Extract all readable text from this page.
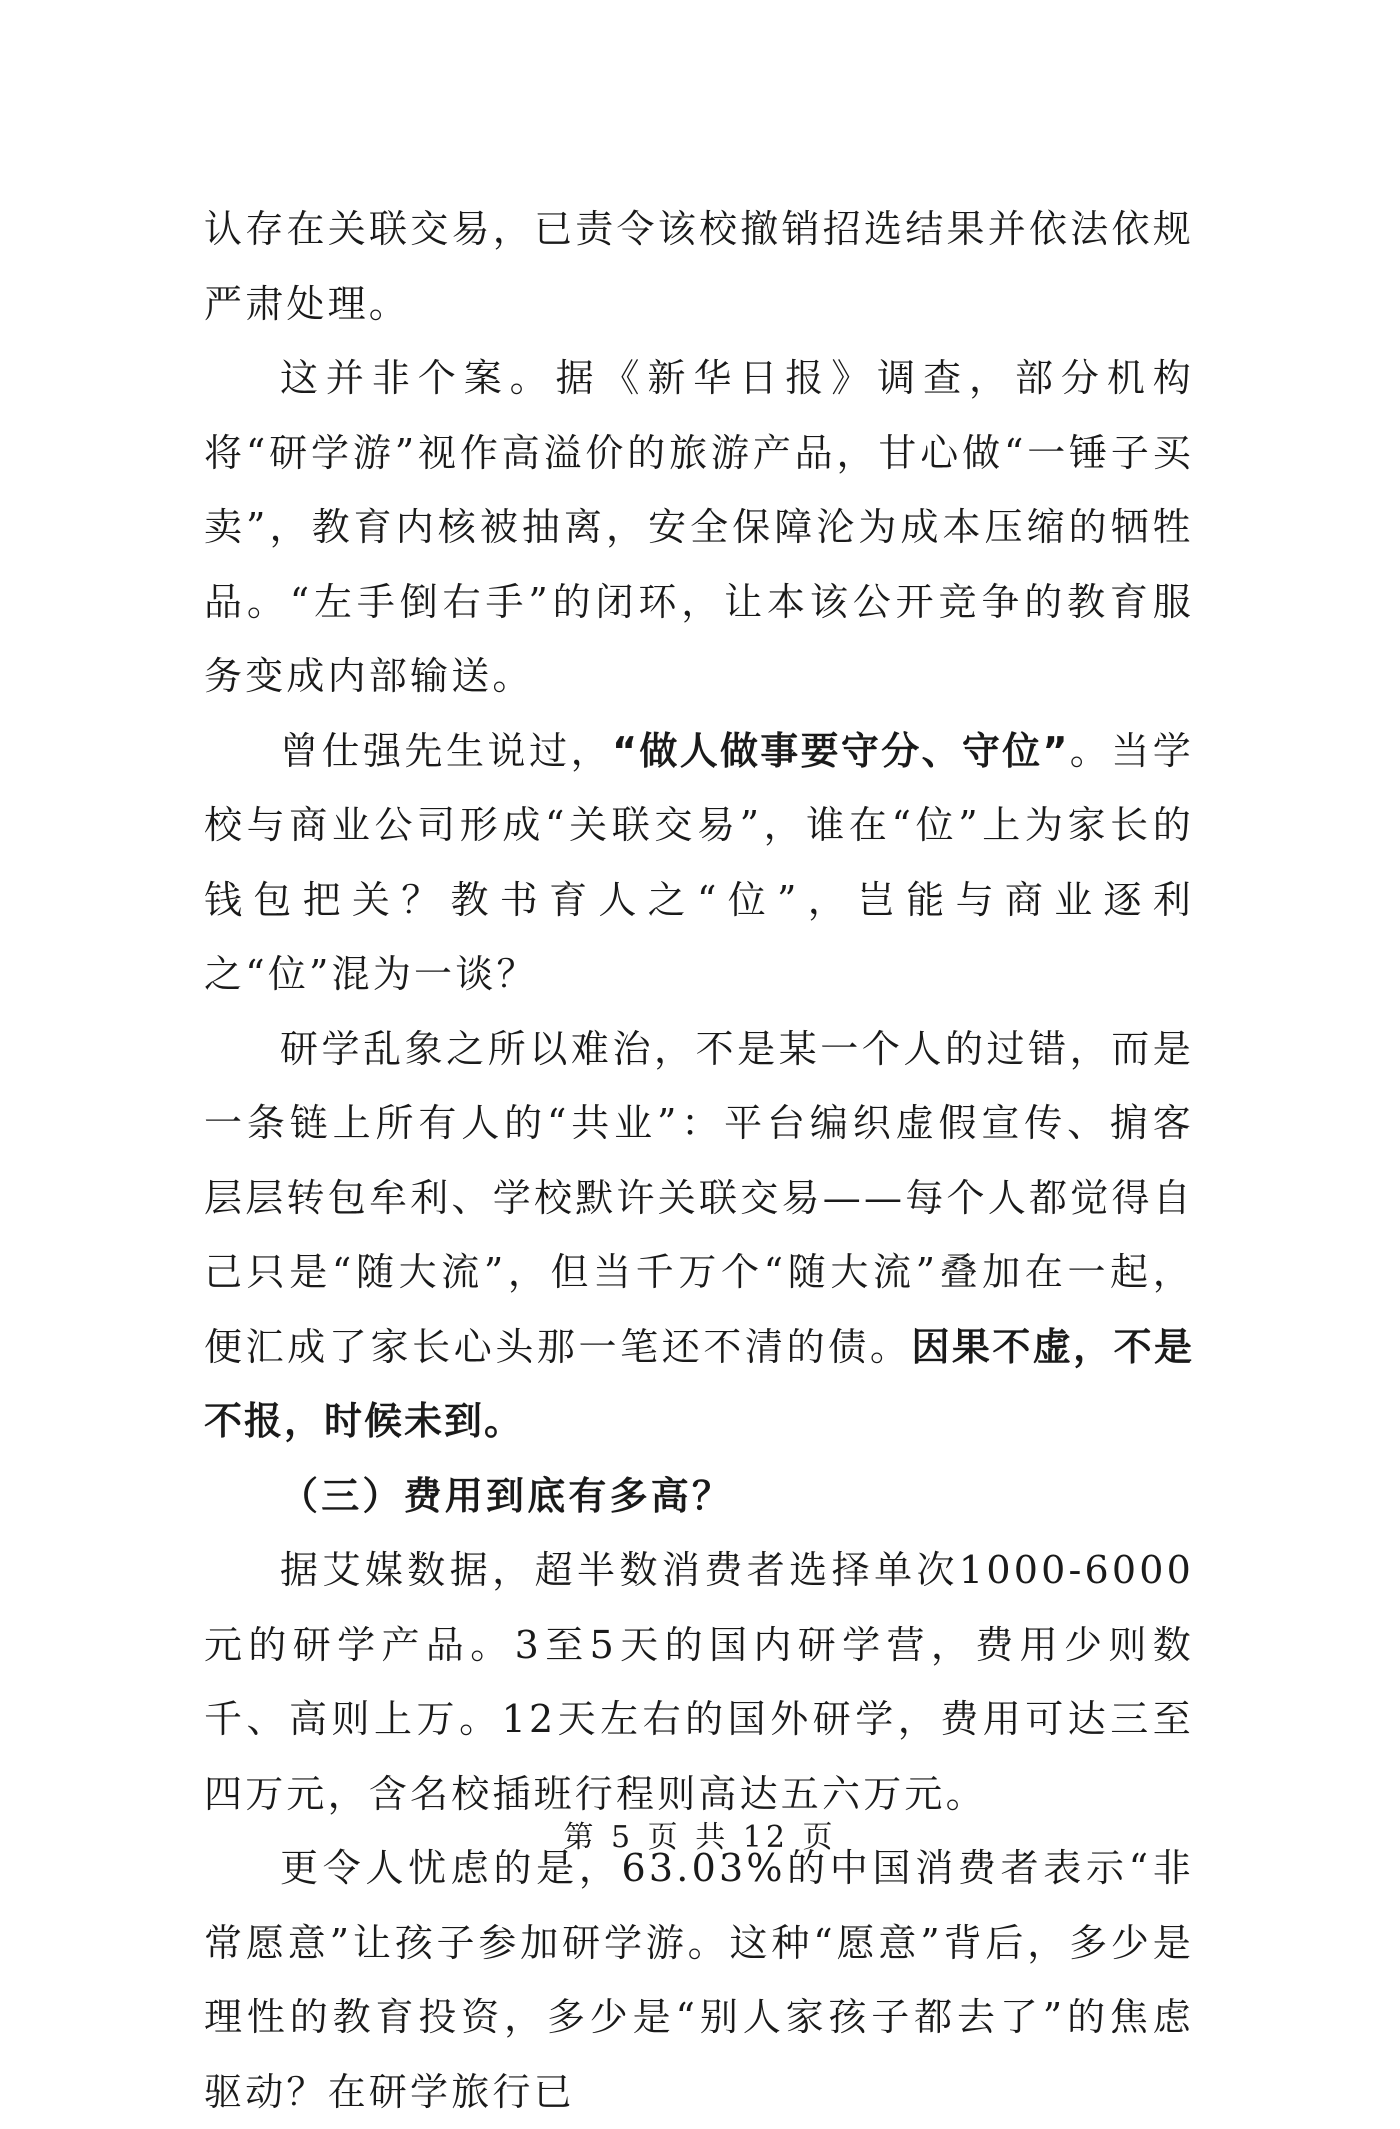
认存在关联交易，已责令该校撤销招选结果并依法依规严肃处理。

这并非个案。据《新华日报》调查，部分机构将“研学游”视作高溢价的旅游产品，甘心做“一锤子买卖”，教育内核被抽离，安全保障沦为成本压缩的牺牲品。“左手倒右手”的闭环，让本该公开竞争的教育服务变成内部输送。

曾仕强先生说过，“做人做事要守分、守位”。当学校与商业公司形成“关联交易”，谁在“位”上为家长的钱包把关？教书育人之“位”，岂能与商业逐利之“位”混为一谈？

研学乱象之所以难治，不是某一个人的过错，而是一条链上所有人的“共业”：平台编织虚假宣传、掮客层层转包牟利、学校默许关联交易——每个人都觉得自己只是“随大流”，但当千万个“随大流”叠加在一起，便汇成了家长心头那一笔还不清的债。因果不虚，不是不报，时候未到。

（三）费用到底有多高？

据艾媒数据，超半数消费者选择单次1000-6000元的研学产品。3至5天的国内研学营，费用少则数千、高则上万。12天左右的国外研学，费用可达三至四万元，含名校插班行程则高达五六万元。

更令人忧虑的是，63.03%的中国消费者表示“非常愿意”让孩子参加研学游。这种“愿意”背后，多少是理性的教育投资，多少是“别人家孩子都去了”的焦虑驱动？在研学旅行已

第 5 页 共 12 页
